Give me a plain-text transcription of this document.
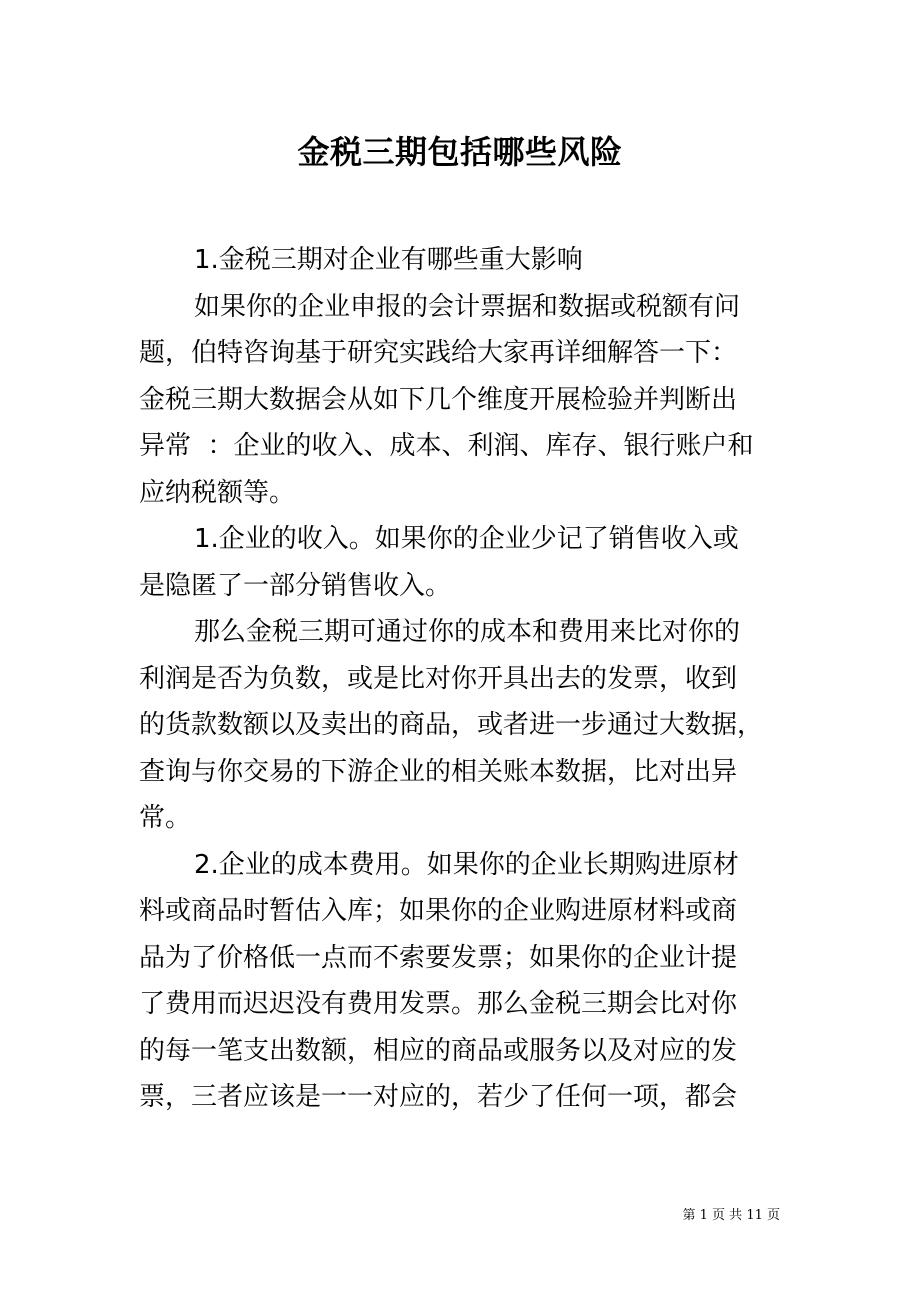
金税三期包括哪些风险

1.金税三期对企业有哪些重大影响

如果你的企业申报的会计票据和数据或税额有问
题，伯特咨询基于研究实践给大家再详细解答一下：
金税三期大数据会从如下几个维度开展检验并判断出
异常  ：企业的收入、成本、利润、库存、银行账户和
应纳税额等。

1.企业的收入。如果你的企业少记了销售收入或
是隐匿了一部分销售收入。

那么金税三期可通过你的成本和费用来比对你的
利润是否为负数，或是比对你开具出去的发票，收到
的货款数额以及卖出的商品，或者进一步通过大数据，
查询与你交易的下游企业的相关账本数据，比对出异
常。

2.企业的成本费用。如果你的企业长期购进原材
料或商品时暂估入库；如果你的企业购进原材料或商
品为了价格低一点而不索要发票；如果你的企业计提
了费用而迟迟没有费用发票。那么金税三期会比对你
的每一笔支出数额，相应的商品或服务以及对应的发
票，三者应该是一一对应的，若少了任何一项，都会

第 1 页 共 11 页
